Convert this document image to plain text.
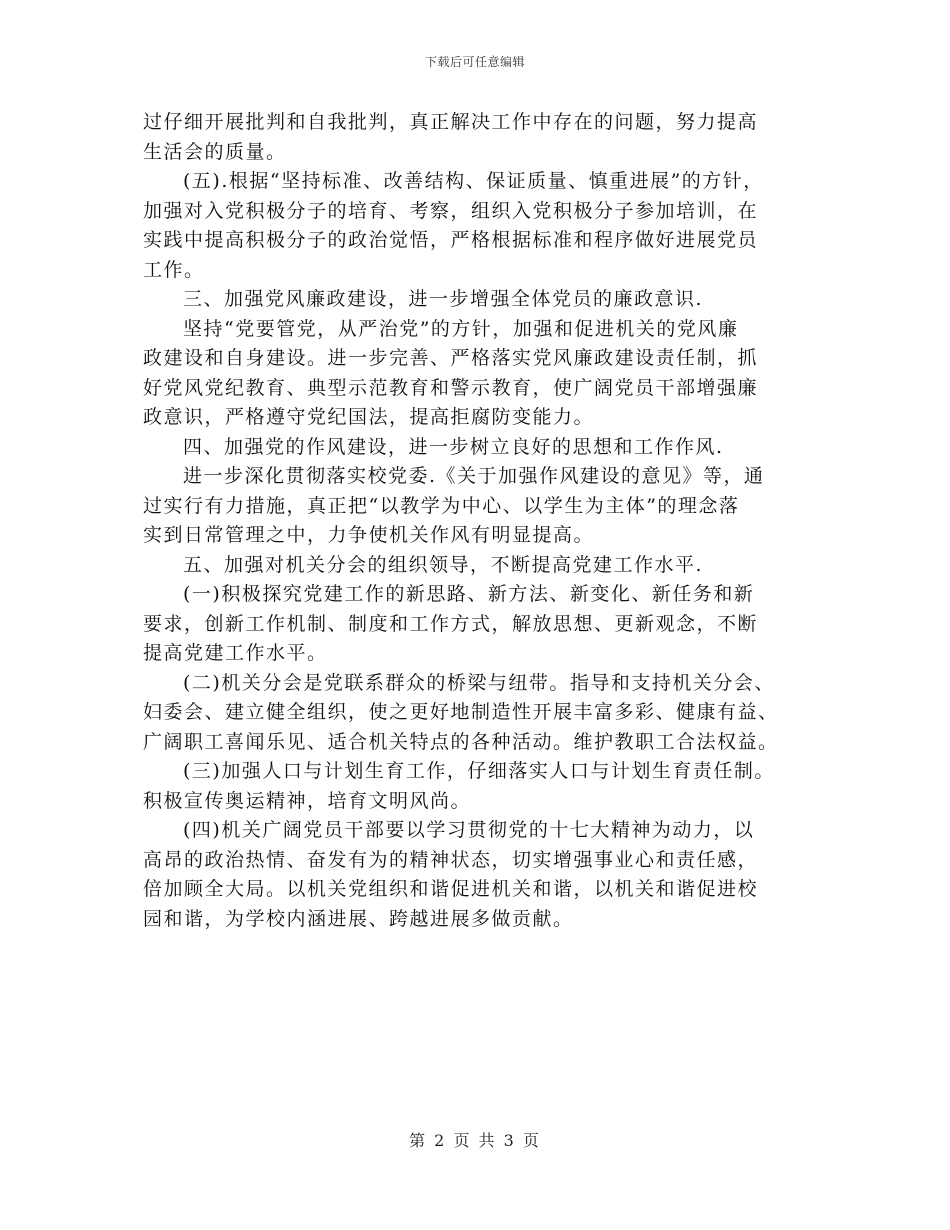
下载后可任意编辑
过仔细开展批判和自我批判，真正解决工作中存在的问题，努力提高
生活会的质量。
(五).根据“坚持标准、改善结构、保证质量、慎重进展”的方针，
加强对入党积极分子的培育、考察，组织入党积极分子参加培训，在
实践中提高积极分子的政治觉悟，严格根据标准和程序做好进展党员
工作。
三、加强党风廉政建设，进一步增强全体党员的廉政意识.
坚持“党要管党，从严治党”的方针，加强和促进机关的党风廉
政建设和自身建设。进一步完善、严格落实党风廉政建设责任制，抓
好党风党纪教育、典型示范教育和警示教育，使广阔党员干部增强廉
政意识，严格遵守党纪国法，提高拒腐防变能力。
四、加强党的作风建设，进一步树立良好的思想和工作作风.
进一步深化贯彻落实校党委.《关于加强作风建设的意见》等，通
过实行有力措施，真正把“以教学为中心、以学生为主体”的理念落
实到日常管理之中，力争使机关作风有明显提高。
五、加强对机关分会的组织领导，不断提高党建工作水平.
(一)积极探究党建工作的新思路、新方法、新变化、新任务和新
要求，创新工作机制、制度和工作方式，解放思想、更新观念，不断
提高党建工作水平。
(二)机关分会是党联系群众的桥梁与纽带。指导和支持机关分会、
妇委会、建立健全组织，使之更好地制造性开展丰富多彩、健康有益、
广阔职工喜闻乐见、适合机关特点的各种活动。维护教职工合法权益。
(三)加强人口与计划生育工作，仔细落实人口与计划生育责任制。
积极宣传奥运精神，培育文明风尚。
(四)机关广阔党员干部要以学习贯彻党的十七大精神为动力，以
高昂的政治热情、奋发有为的精神状态，切实增强事业心和责任感，
倍加顾全大局。以机关党组织和谐促进机关和谐，以机关和谐促进校
园和谐，为学校内涵进展、跨越进展多做贡献。
第 2 页 共 3 页
